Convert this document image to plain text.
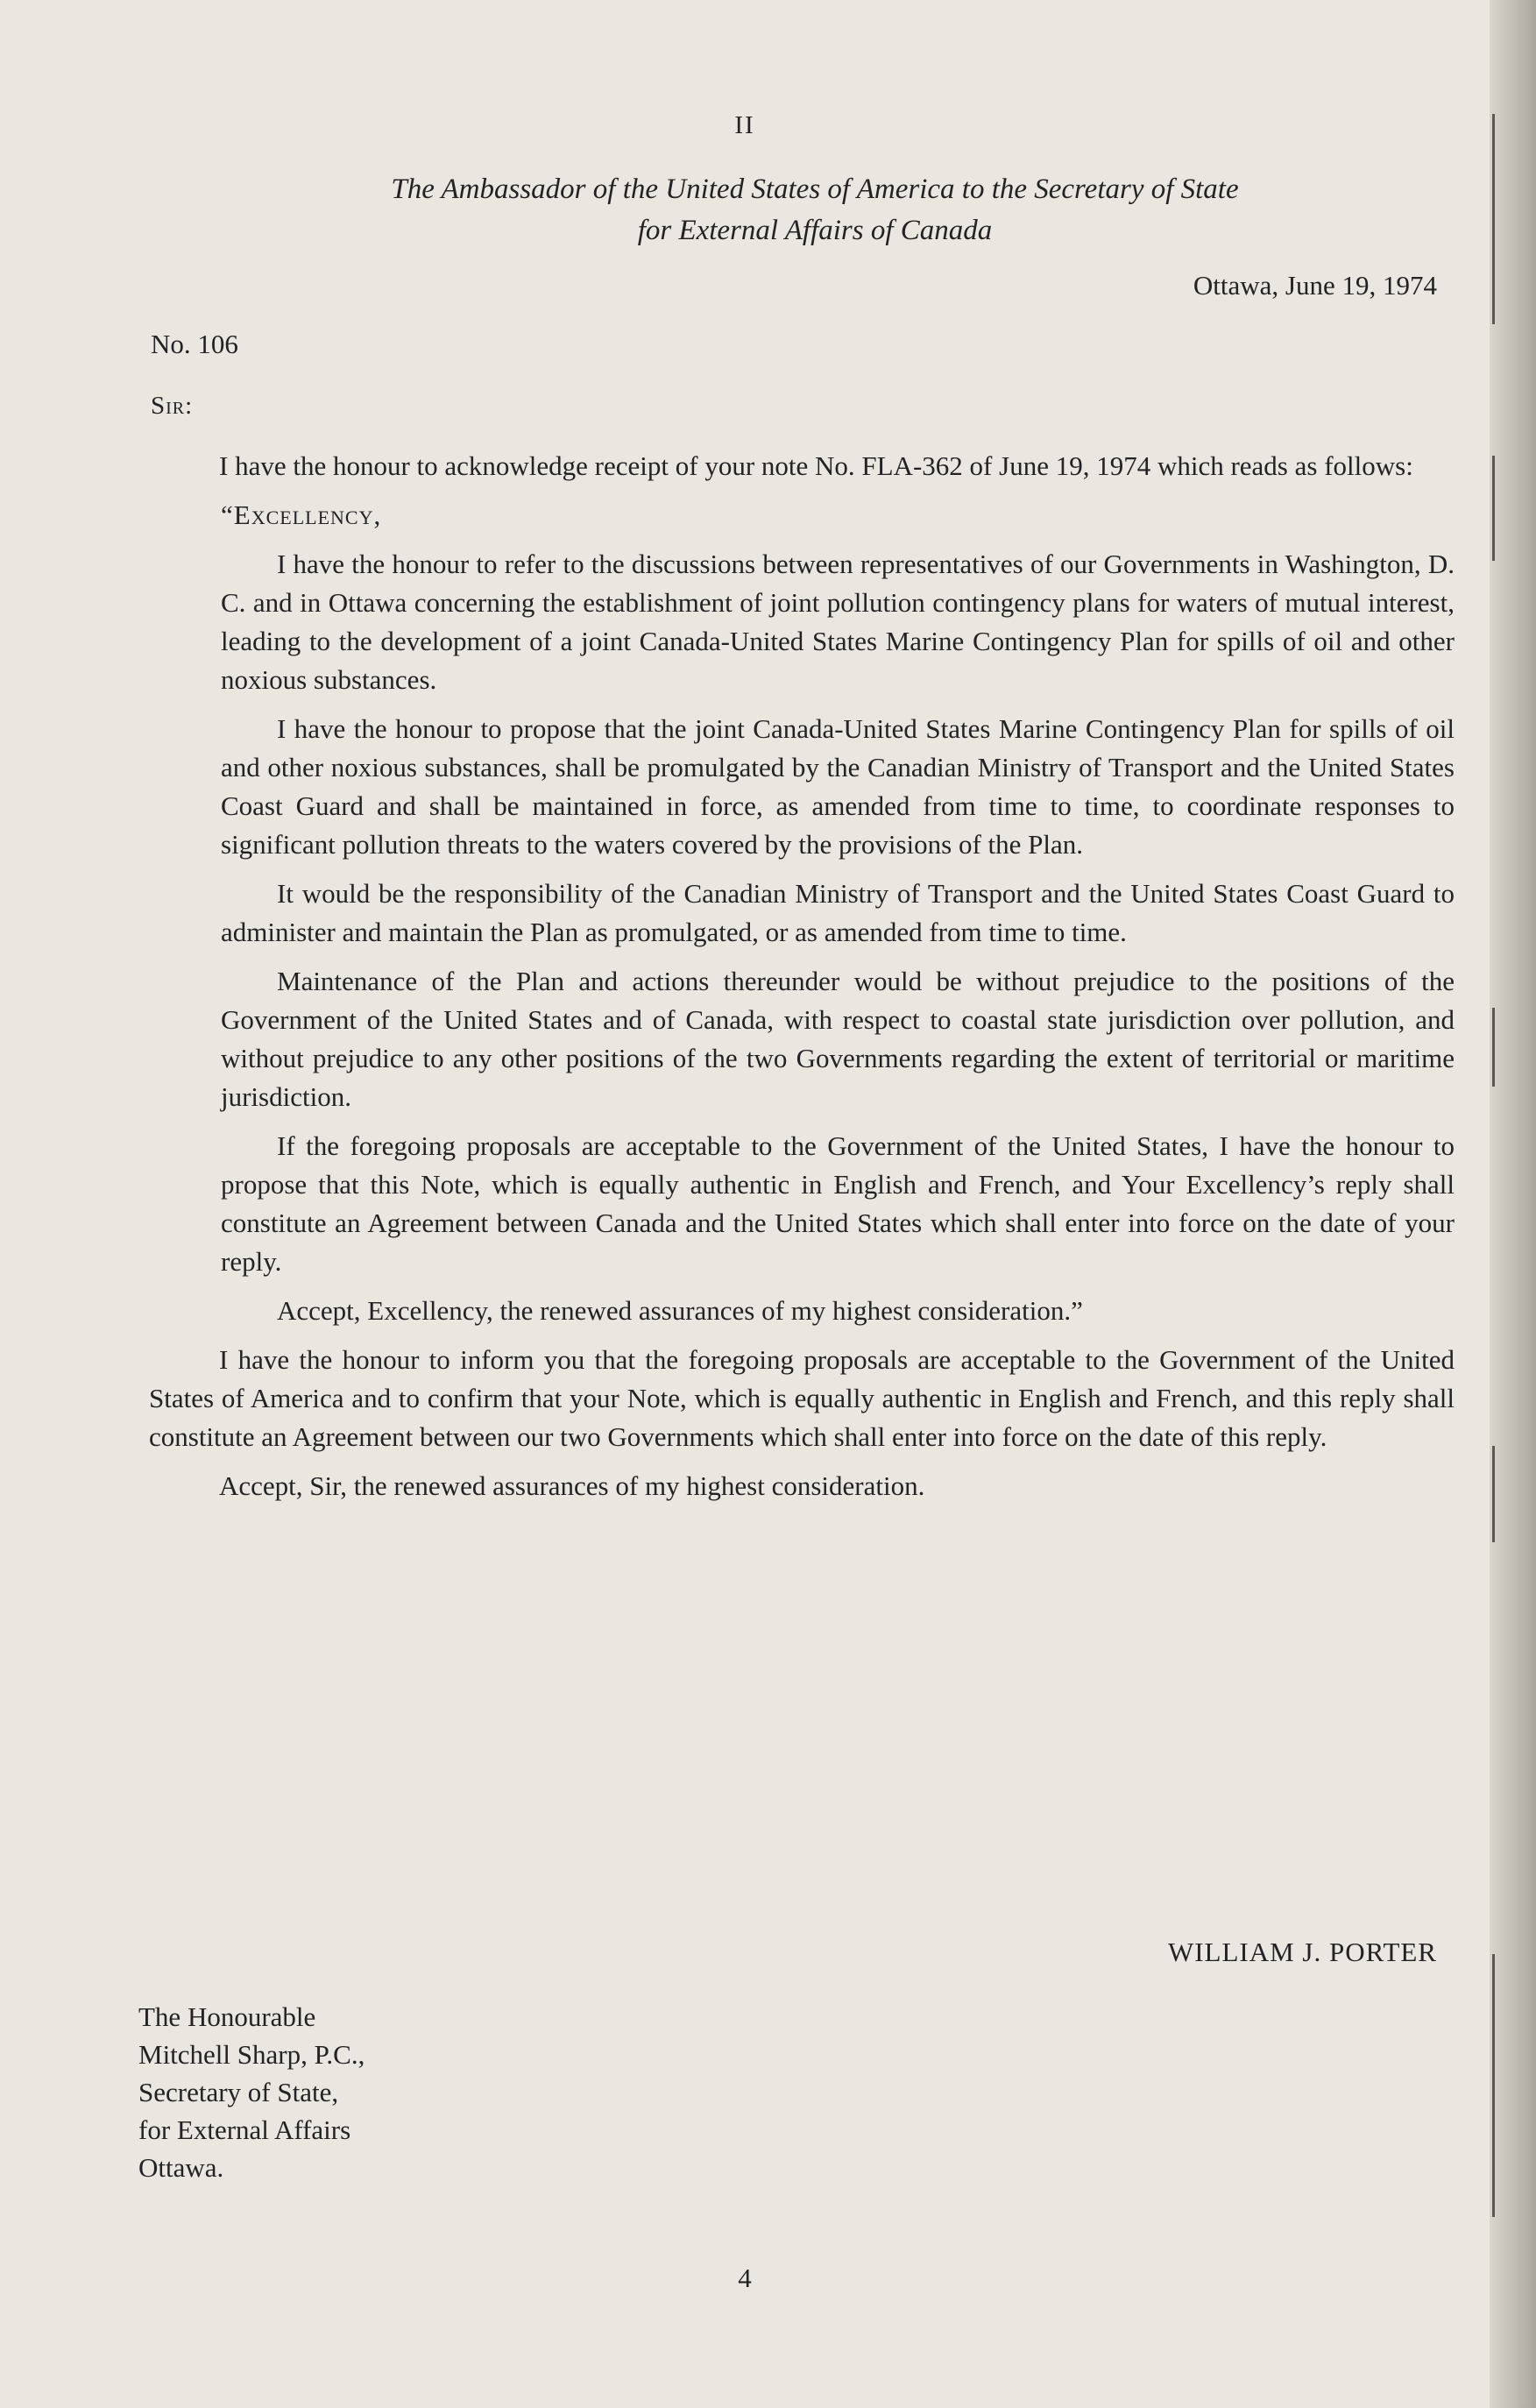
II
The Ambassador of the United States of America to the Secretary of State
for External Affairs of Canada
Ottawa, June 19, 1974
No. 106
Sir:

I have the honour to acknowledge receipt of your note No. FLA-362 of June 19, 1974 which reads as follows:

“Excellency,

I have the honour to refer to the discussions between representatives of our Governments in Washington, D. C. and in Ottawa concerning the establishment of joint pollution contingency plans for waters of mutual interest, leading to the development of a joint Canada-United States Marine Contingency Plan for spills of oil and other noxious substances.

I have the honour to propose that the joint Canada-United States Marine Contingency Plan for spills of oil and other noxious substances, shall be promulgated by the Canadian Ministry of Transport and the United States Coast Guard and shall be maintained in force, as amended from time to time, to coordinate responses to significant pollution threats to the waters covered by the provisions of the Plan.

It would be the responsibility of the Canadian Ministry of Transport and the United States Coast Guard to administer and maintain the Plan as promulgated, or as amended from time to time.

Maintenance of the Plan and actions thereunder would be without prejudice to the positions of the Government of the United States and of Canada, with respect to coastal state jurisdiction over pollution, and without prejudice to any other positions of the two Governments regarding the extent of territorial or maritime jurisdiction.

If the foregoing proposals are acceptable to the Government of the United States, I have the honour to propose that this Note, which is equally authentic in English and French, and Your Excellency’s reply shall constitute an Agreement between Canada and the United States which shall enter into force on the date of your reply.

Accept, Excellency, the renewed assurances of my highest consideration.”

I have the honour to inform you that the foregoing proposals are acceptable to the Government of the United States of America and to confirm that your Note, which is equally authentic in English and French, and this reply shall constitute an Agreement between our two Governments which shall enter into force on the date of this reply.

Accept, Sir, the renewed assurances of my highest consideration.

WILLIAM J. PORTER
The Honourable
Mitchell Sharp, P.C.,
Secretary of State,
for External Affairs
Ottawa.
4
